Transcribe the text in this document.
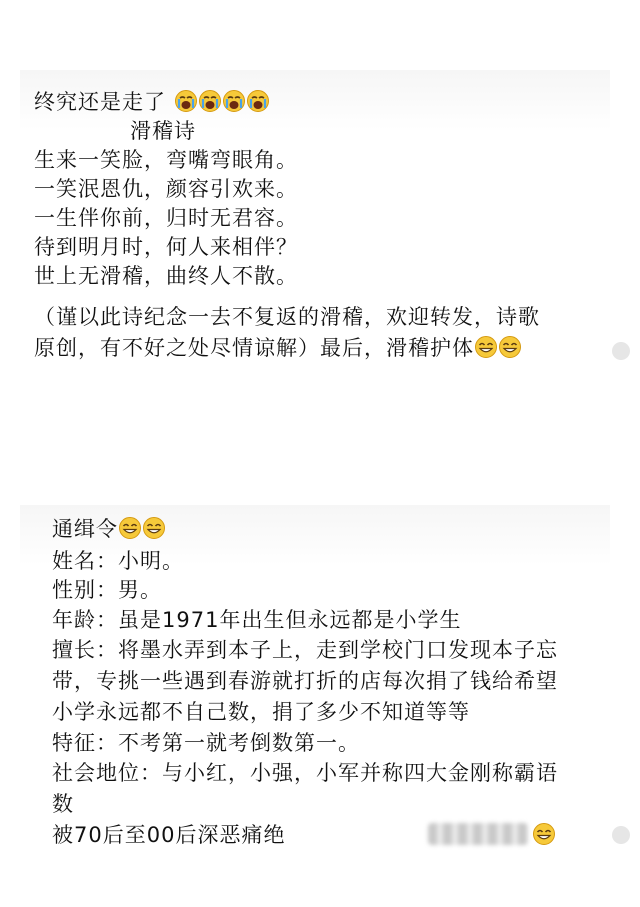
终究还是走了
滑稽诗
生来一笑脸，弯嘴弯眼角。
一笑泯恩仇，颜容引欢来。
一生伴你前，归时无君容。
待到明月时，何人来相伴？
世上无滑稽，曲终人不散。
（谨以此诗纪念一去不复返的滑稽，欢迎转发，诗歌
原创，有不好之处尽情谅解）最后，滑稽护体
通缉令
姓名：小明。
性别：男。
年龄：虽是1971年出生但永远都是小学生
擅长：将墨水弄到本子上，走到学校门口发现本子忘
带，专挑一些遇到春游就打折的店每次捐了钱给希望
小学永远都不自己数，捐了多少不知道等等
特征：不考第一就考倒数第一。
社会地位：与小红，小强，小军并称四大金刚称霸语
数
被70后至00后深恶痛绝
